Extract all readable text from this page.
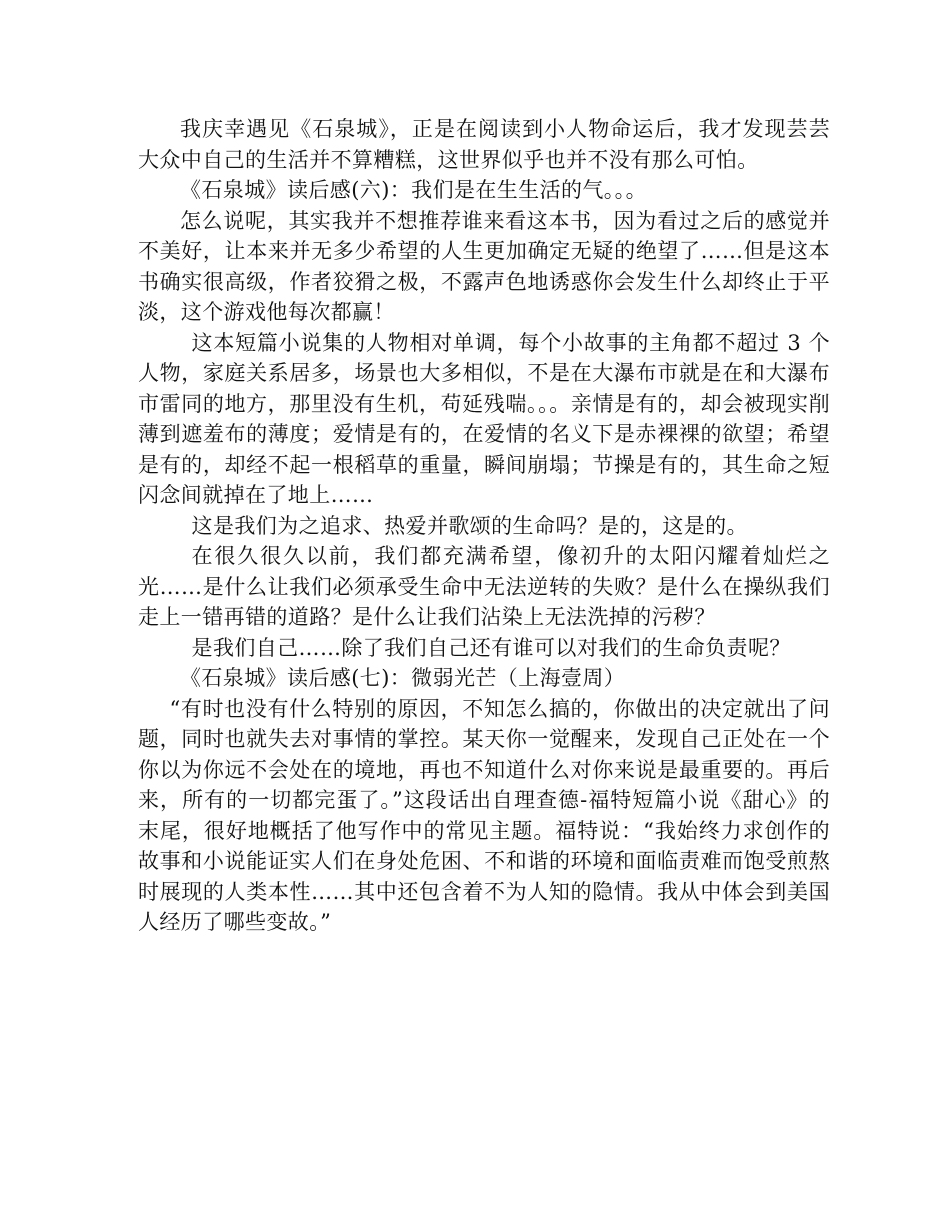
我庆幸遇见《石泉城》，正是在阅读到小人物命运后，我才发现芸芸大众中自己的生活并不算糟糕，这世界似乎也并不没有那么可怕。

《石泉城》读后感(六)：我们是在生生活的气。。。

怎么说呢，其实我并不想推荐谁来看这本书，因为看过之后的感觉并不美好，让本来并无多少希望的人生更加确定无疑的绝望了……但是这本书确实很高级，作者狡猾之极，不露声色地诱惑你会发生什么却终止于平淡，这个游戏他每次都赢！

这本短篇小说集的人物相对单调，每个小故事的主角都不超过 3 个人物，家庭关系居多，场景也大多相似，不是在大瀑布市就是在和大瀑布市雷同的地方，那里没有生机，苟延残喘。。。亲情是有的，却会被现实削薄到遮羞布的薄度；爱情是有的，在爱情的名义下是赤裸裸的欲望；希望是有的，却经不起一根稻草的重量，瞬间崩塌；节操是有的，其生命之短闪念间就掉在了地上……

这是我们为之追求、热爱并歌颂的生命吗？是的，这是的。

在很久很久以前，我们都充满希望，像初升的太阳闪耀着灿烂之光……是什么让我们必须承受生命中无法逆转的失败？是什么在操纵我们走上一错再错的道路？是什么让我们沾染上无法洗掉的污秽？

是我们自己……除了我们自己还有谁可以对我们的生命负责呢？

《石泉城》读后感(七)：微弱光芒（上海壹周）

“有时也没有什么特别的原因，不知怎么搞的，你做出的决定就出了问题，同时也就失去对事情的掌控。某天你一觉醒来，发现自己正处在一个你以为你远不会处在的境地，再也不知道什么对你来说是最重要的。再后来，所有的一切都完蛋了。”这段话出自理查德-福特短篇小说《甜心》的末尾，很好地概括了他写作中的常见主题。福特说：“我始终力求创作的故事和小说能证实人们在身处危困、不和谐的环境和面临责难而饱受煎熬时展现的人类本性……其中还包含着不为人知的隐情。我从中体会到美国人经历了哪些变故。”
